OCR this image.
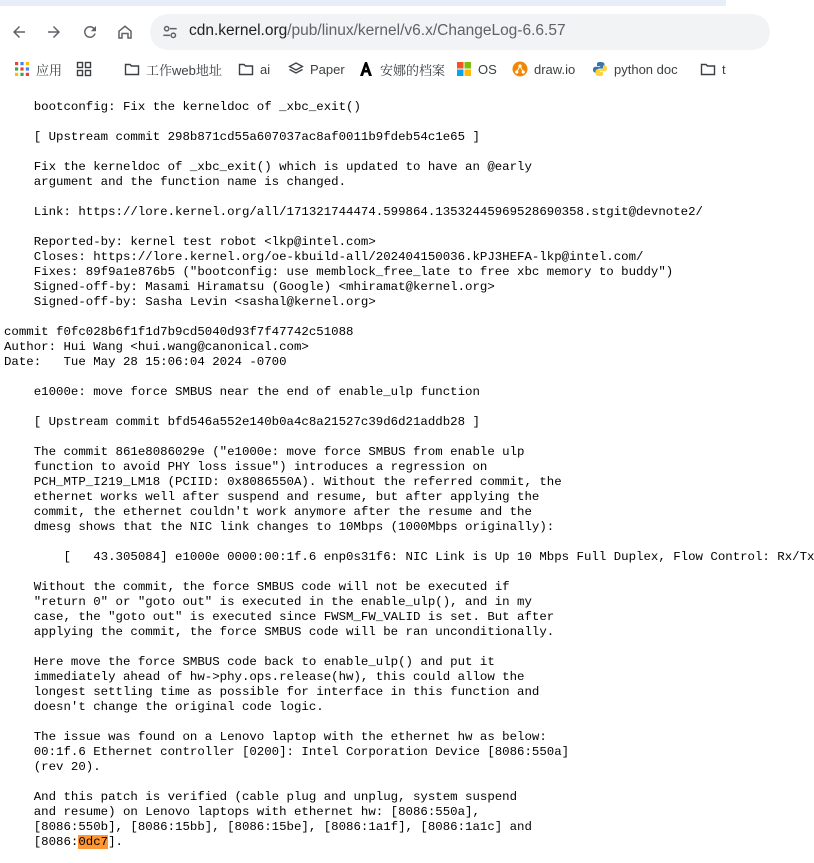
cdn.kernel.org/pub/linux/kernel/v6.x/ChangeLog-6.6.57
应用	工作web地址	ai	Paper	安娜的档案	OS	draw.io	python doc	t
bootconfig: Fix the kerneldoc of _xbc_exit()

[ Upstream commit 298b871cd55a607037ac8af0011b9fdeb54c1e65 ]

Fix the kerneldoc of _xbc_exit() which is updated to have an @early
argument and the function name is changed.

Link: https://lore.kernel.org/all/171321744474.599864.13532445969528690358.stgit@devnote2/

Reported-by: kernel test robot <lkp@intel.com>
Closes: https://lore.kernel.org/oe-kbuild-all/202404150036.kPJ3HEFA-lkp@intel.com/
Fixes: 89f9a1e876b5 ("bootconfig: use memblock_free_late to free xbc memory to buddy")
Signed-off-by: Masami Hiramatsu (Google) <mhiramat@kernel.org>
Signed-off-by: Sasha Levin <sashal@kernel.org>

commit f0fc028b6f1f1d7b9cd5040d93f7f47742c51088
Author: Hui Wang <hui.wang@canonical.com>
Date:   Tue May 28 15:06:04 2024 -0700

e1000e: move force SMBUS near the end of enable_ulp function

[ Upstream commit bfd546a552e140b0a4c8a21527c39d6d21addb28 ]

The commit 861e8086029e ("e1000e: move force SMBUS from enable ulp
function to avoid PHY loss issue") introduces a regression on
PCH_MTP_I219_LM18 (PCIID: 0x8086550A). Without the referred commit, the
ethernet works well after suspend and resume, but after applying the
commit, the ethernet couldn't work anymore after the resume and the
dmesg shows that the NIC link changes to 10Mbps (1000Mbps originally):

[   43.305084] e1000e 0000:00:1f.6 enp0s31f6: NIC Link is Up 10 Mbps Full Duplex, Flow Control: Rx/Tx

Without the commit, the force SMBUS code will not be executed if
"return 0" or "goto out" is executed in the enable_ulp(), and in my
case, the "goto out" is executed since FWSM_FW_VALID is set. But after
applying the commit, the force SMBUS code will be ran unconditionally.

Here move the force SMBUS code back to enable_ulp() and put it
immediately ahead of hw->phy.ops.release(hw), this could allow the
longest settling time as possible for interface in this function and
doesn't change the original code logic.

The issue was found on a Lenovo laptop with the ethernet hw as below:
00:1f.6 Ethernet controller [0200]: Intel Corporation Device [8086:550a]
(rev 20).

And this patch is verified (cable plug and unplug, system suspend
and resume) on Lenovo laptops with ethernet hw: [8086:550a],
[8086:550b], [8086:15bb], [8086:15be], [8086:1a1f], [8086:1a1c] and
[8086:0dc7].
